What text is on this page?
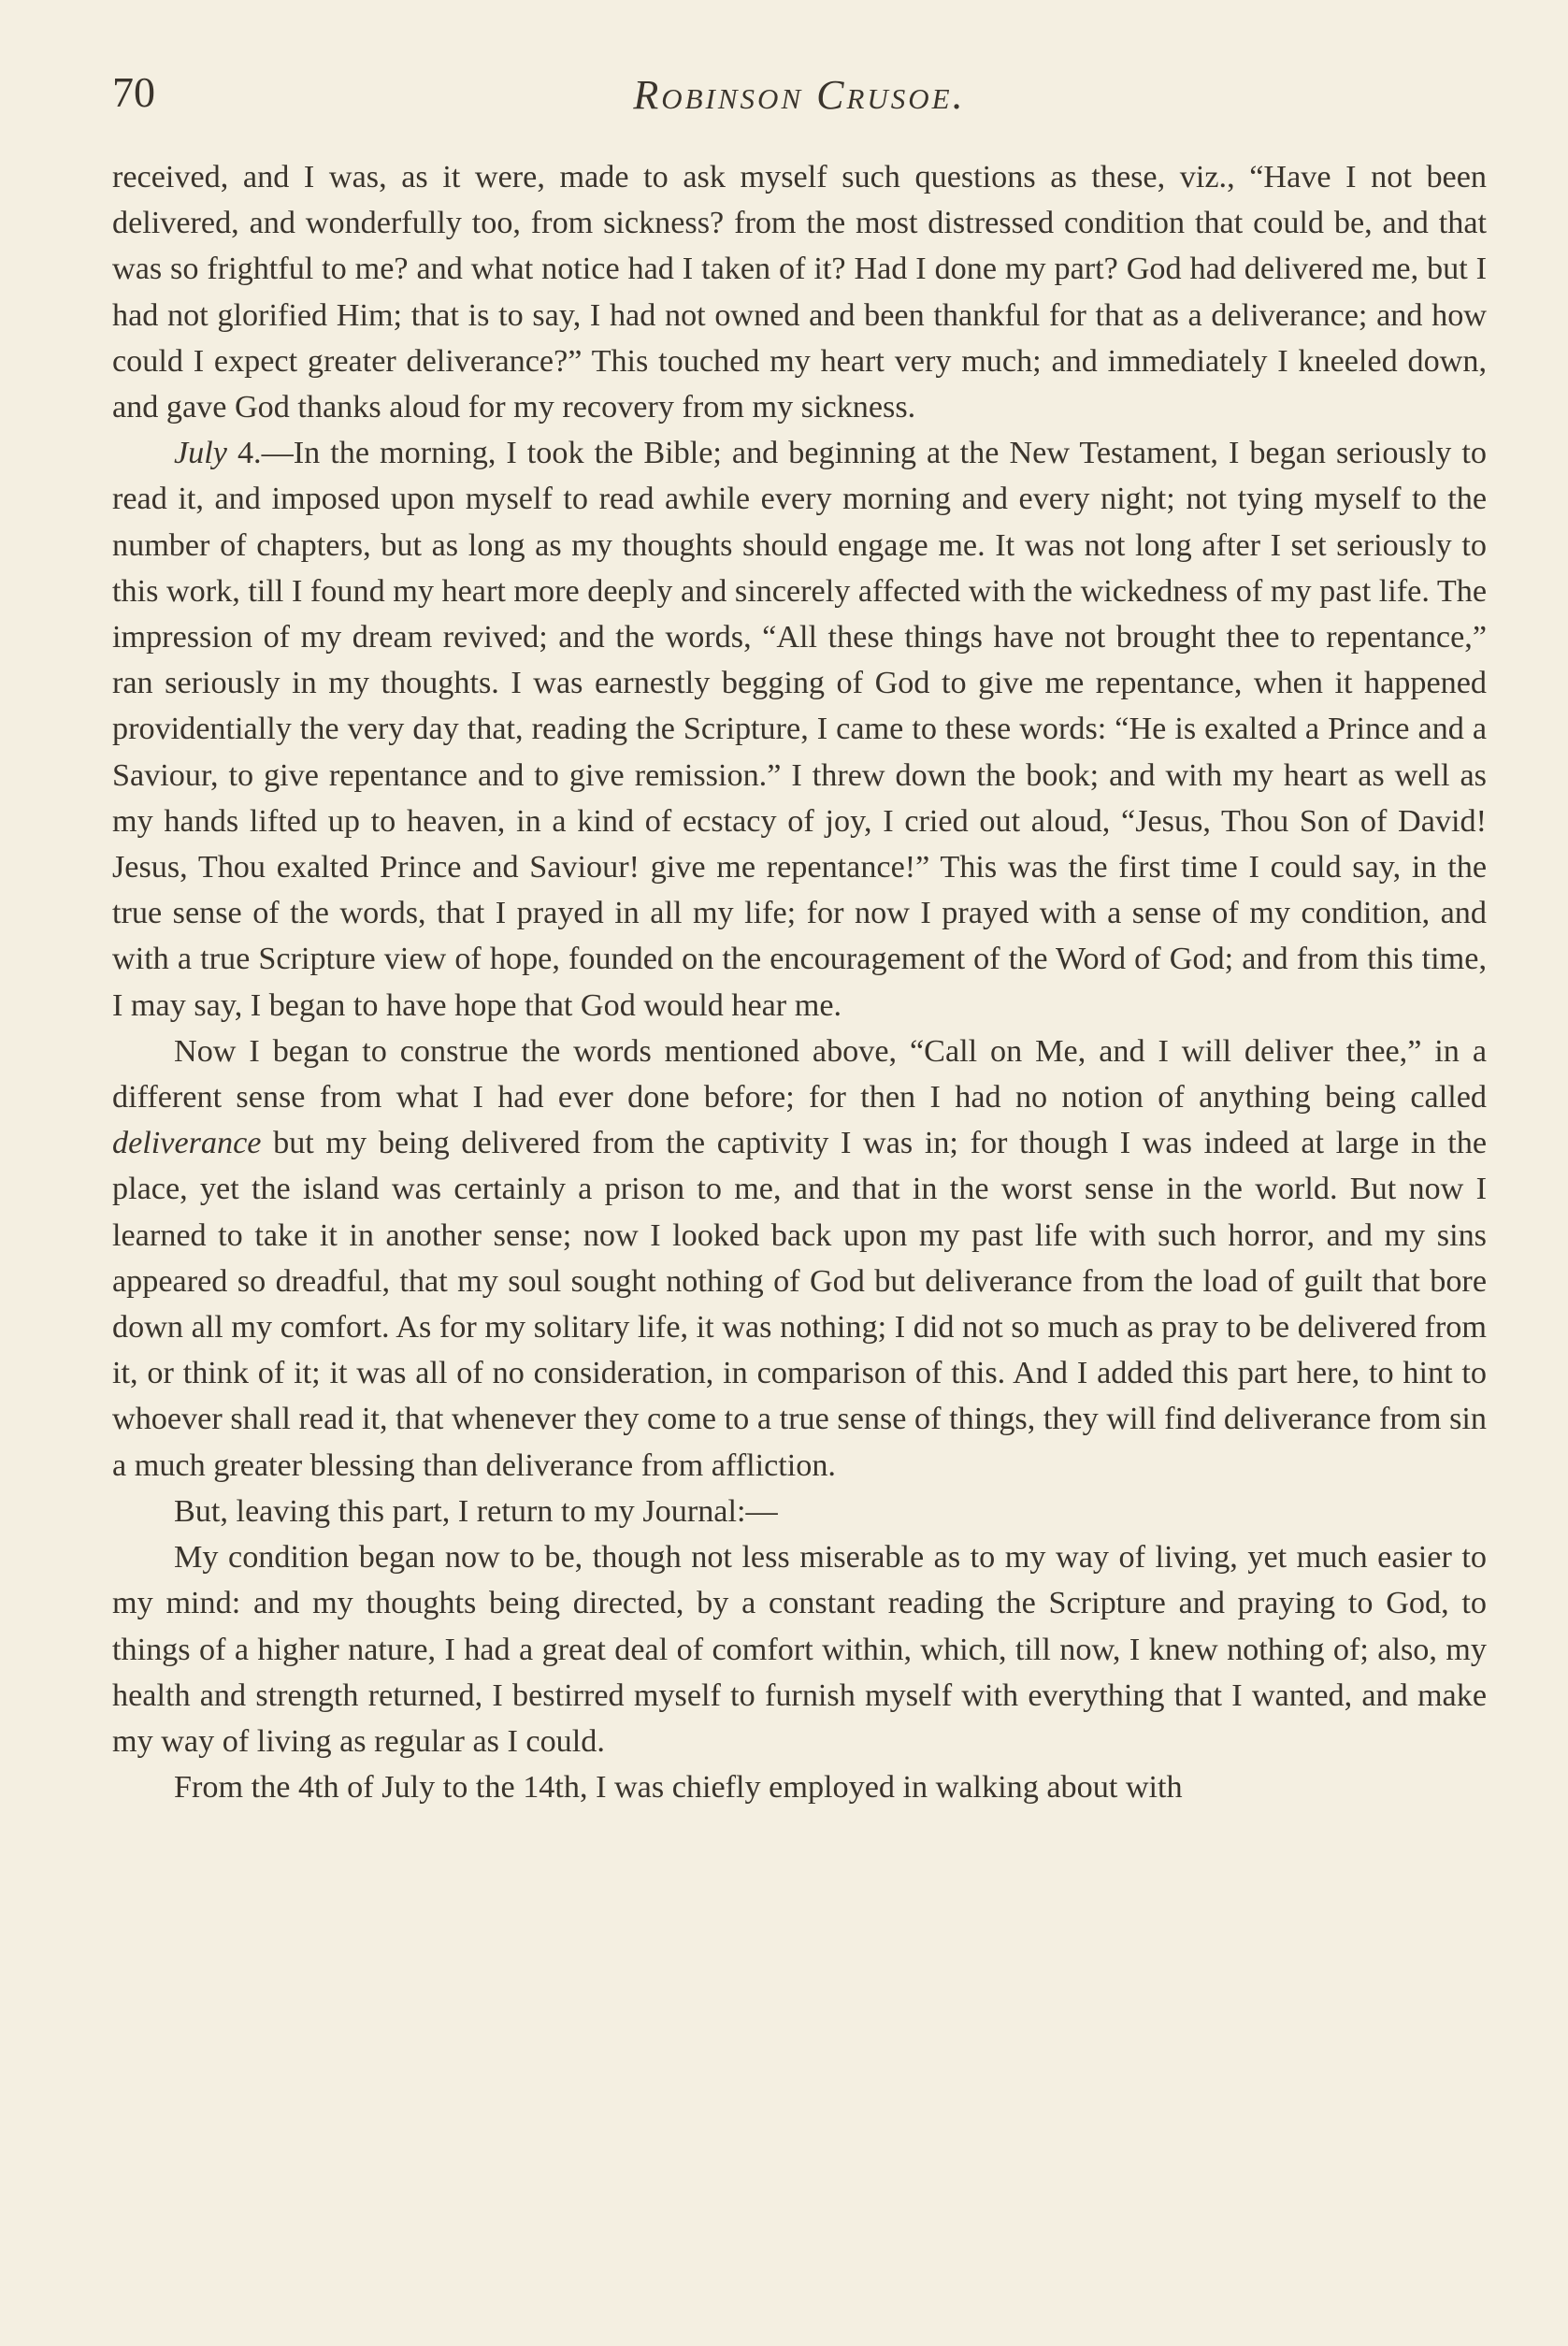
70	Robinson Crusoe.

received, and I was, as it were, made to ask myself such questions as these, viz., “Have I not been delivered, and wonderfully too, from sickness? from the most distressed condition that could be, and that was so frightful to me? and what notice had I taken of it? Had I done my part? God had delivered me, but I had not glorified Him; that is to say, I had not owned and been thankful for that as a deliverance; and how could I expect greater deliverance?” This touched my heart very much; and immediately I kneeled down, and gave God thanks aloud for my recovery from my sickness.

July 4.—In the morning, I took the Bible; and beginning at the New Testament, I began seriously to read it, and imposed upon myself to read awhile every morning and every night; not tying myself to the number of chapters, but as long as my thoughts should engage me. It was not long after I set seriously to this work, till I found my heart more deeply and sincerely affected with the wickedness of my past life. The impression of my dream revived; and the words, “All these things have not brought thee to repentance,” ran seriously in my thoughts. I was earnestly begging of God to give me repentance, when it happened providentially the very day that, reading the Scripture, I came to these words: “He is exalted a Prince and a Saviour, to give repentance and to give remission.” I threw down the book; and with my heart as well as my hands lifted up to heaven, in a kind of ecstacy of joy, I cried out aloud, “Jesus, Thou Son of David! Jesus, Thou exalted Prince and Saviour! give me repentance!” This was the first time I could say, in the true sense of the words, that I prayed in all my life; for now I prayed with a sense of my condition, and with a true Scripture view of hope, founded on the encouragement of the Word of God; and from this time, I may say, I began to have hope that God would hear me.

Now I began to construe the words mentioned above, “Call on Me, and I will deliver thee,” in a different sense from what I had ever done before; for then I had no notion of anything being called deliverance but my being delivered from the captivity I was in; for though I was indeed at large in the place, yet the island was certainly a prison to me, and that in the worst sense in the world. But now I learned to take it in another sense; now I looked back upon my past life with such horror, and my sins appeared so dreadful, that my soul sought nothing of God but deliverance from the load of guilt that bore down all my comfort. As for my solitary life, it was nothing; I did not so much as pray to be delivered from it, or think of it; it was all of no consideration, in comparison of this. And I added this part here, to hint to whoever shall read it, that whenever they come to a true sense of things, they will find deliverance from sin a much greater blessing than deliverance from affliction.

But, leaving this part, I return to my Journal:—

My condition began now to be, though not less miserable as to my way of living, yet much easier to my mind: and my thoughts being directed, by a constant reading the Scripture and praying to God, to things of a higher nature, I had a great deal of comfort within, which, till now, I knew nothing of; also, my health and strength returned, I bestirred myself to furnish myself with everything that I wanted, and make my way of living as regular as I could.

From the 4th of July to the 14th, I was chiefly employed in walking about with
